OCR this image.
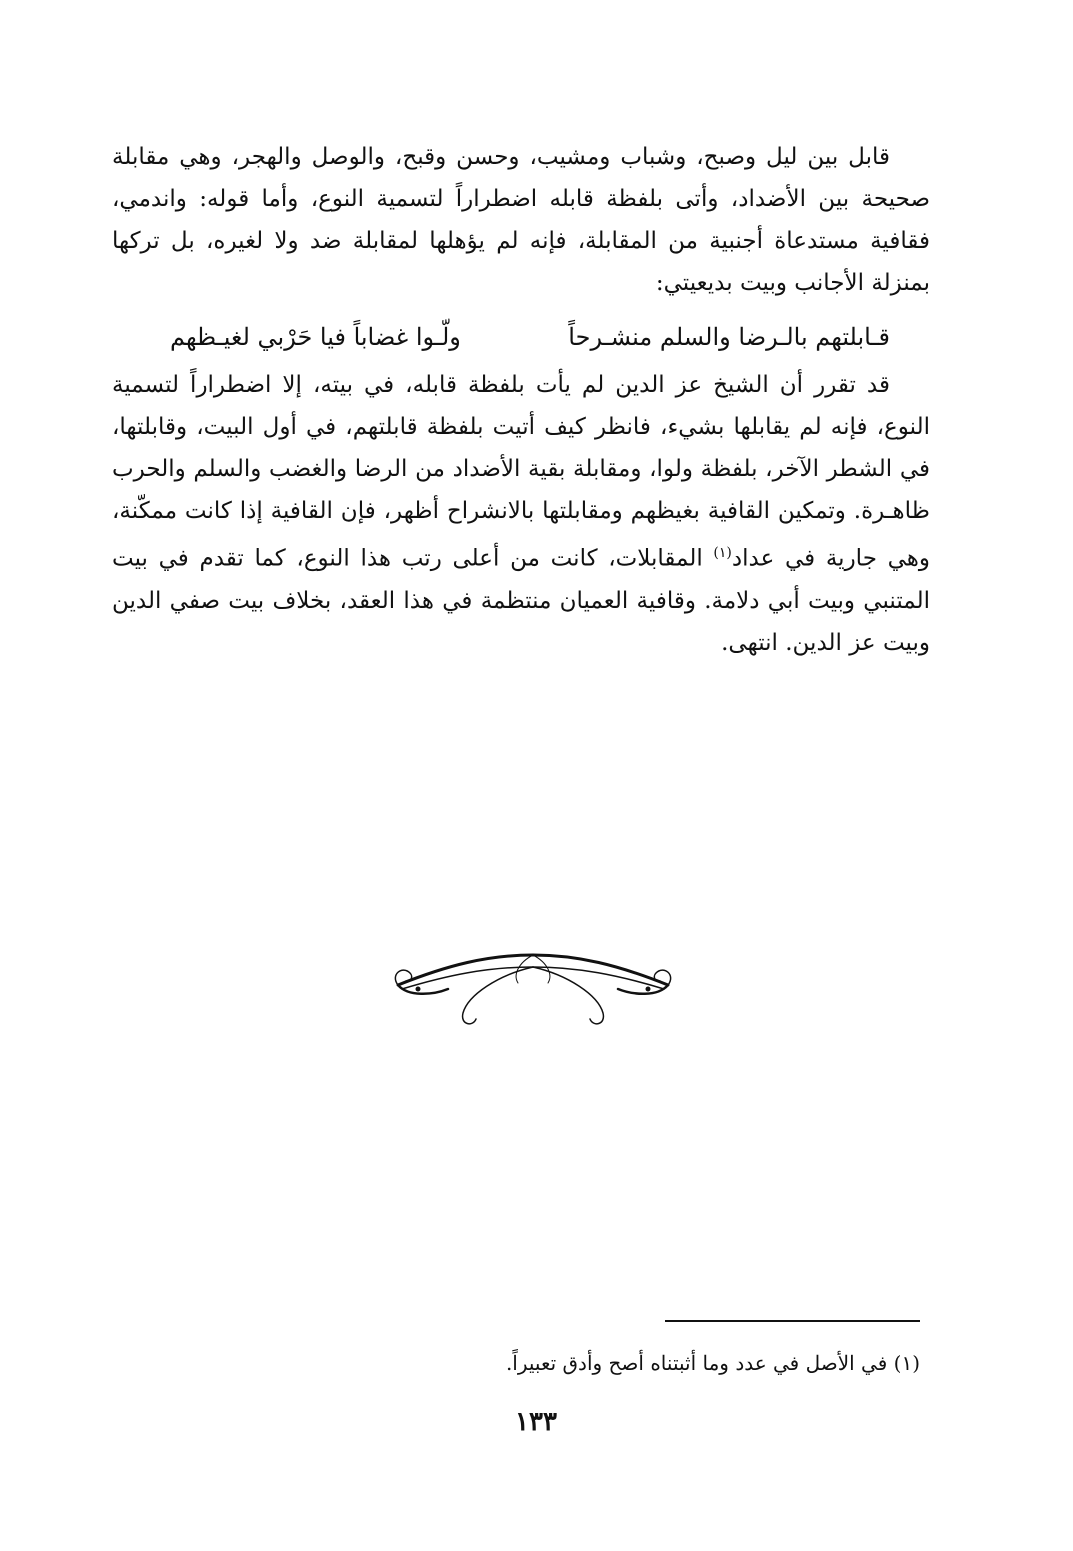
قابل بين ليل وصبح، وشباب ومشيب، وحسن وقبح، والوصل والهجر، وهي مقابلة صحيحة بين الأضداد، وأتى بلفظة قابله اضطراراً لتسمية النوع، وأما قوله: واندمي، فقافية مستدعاة أجنبية من المقابلة، فإنه لم يؤهلها لمقابلة ضد ولا لغيره، بل تركها بمنزلة الأجانب وبيت بديعيتي:

قـابلتهم بالـرضا والسلم منشـرحاً
ولّـوا غضاباً فيا حَرْبي لغيـظهم

قد تقرر أن الشيخ عز الدين لم يأت بلفظة قابله، في بيته، إلا اضطراراً لتسمية النوع، فإنه لم يقابلها بشيء، فانظر كيف أتيت بلفظة قابلتهم، في أول البيت، وقابلتها، في الشطر الآخر، بلفظة ولوا، ومقابلة بقية الأضداد من الرضا والغضب والسلم والحرب ظاهـرة. وتمكين القافية بغيظهم ومقابلتها بالانشراح أظهر، فإن القافية إذا كانت ممكّنة، وهي جارية في عداد$^{(١)}$ المقابلات، كانت من أعلى رتب هذا النوع، كما تقدم في بيت المتنبي وبيت أبي دلامة. وقافية العميان منتظمة في هذا العقد، بخلاف بيت صفي الدين وبيت عز الدين. انتهى.

(١) في الأصل في عدد وما أثبتناه أصح وأدق تعبيراً.
١٣٣
